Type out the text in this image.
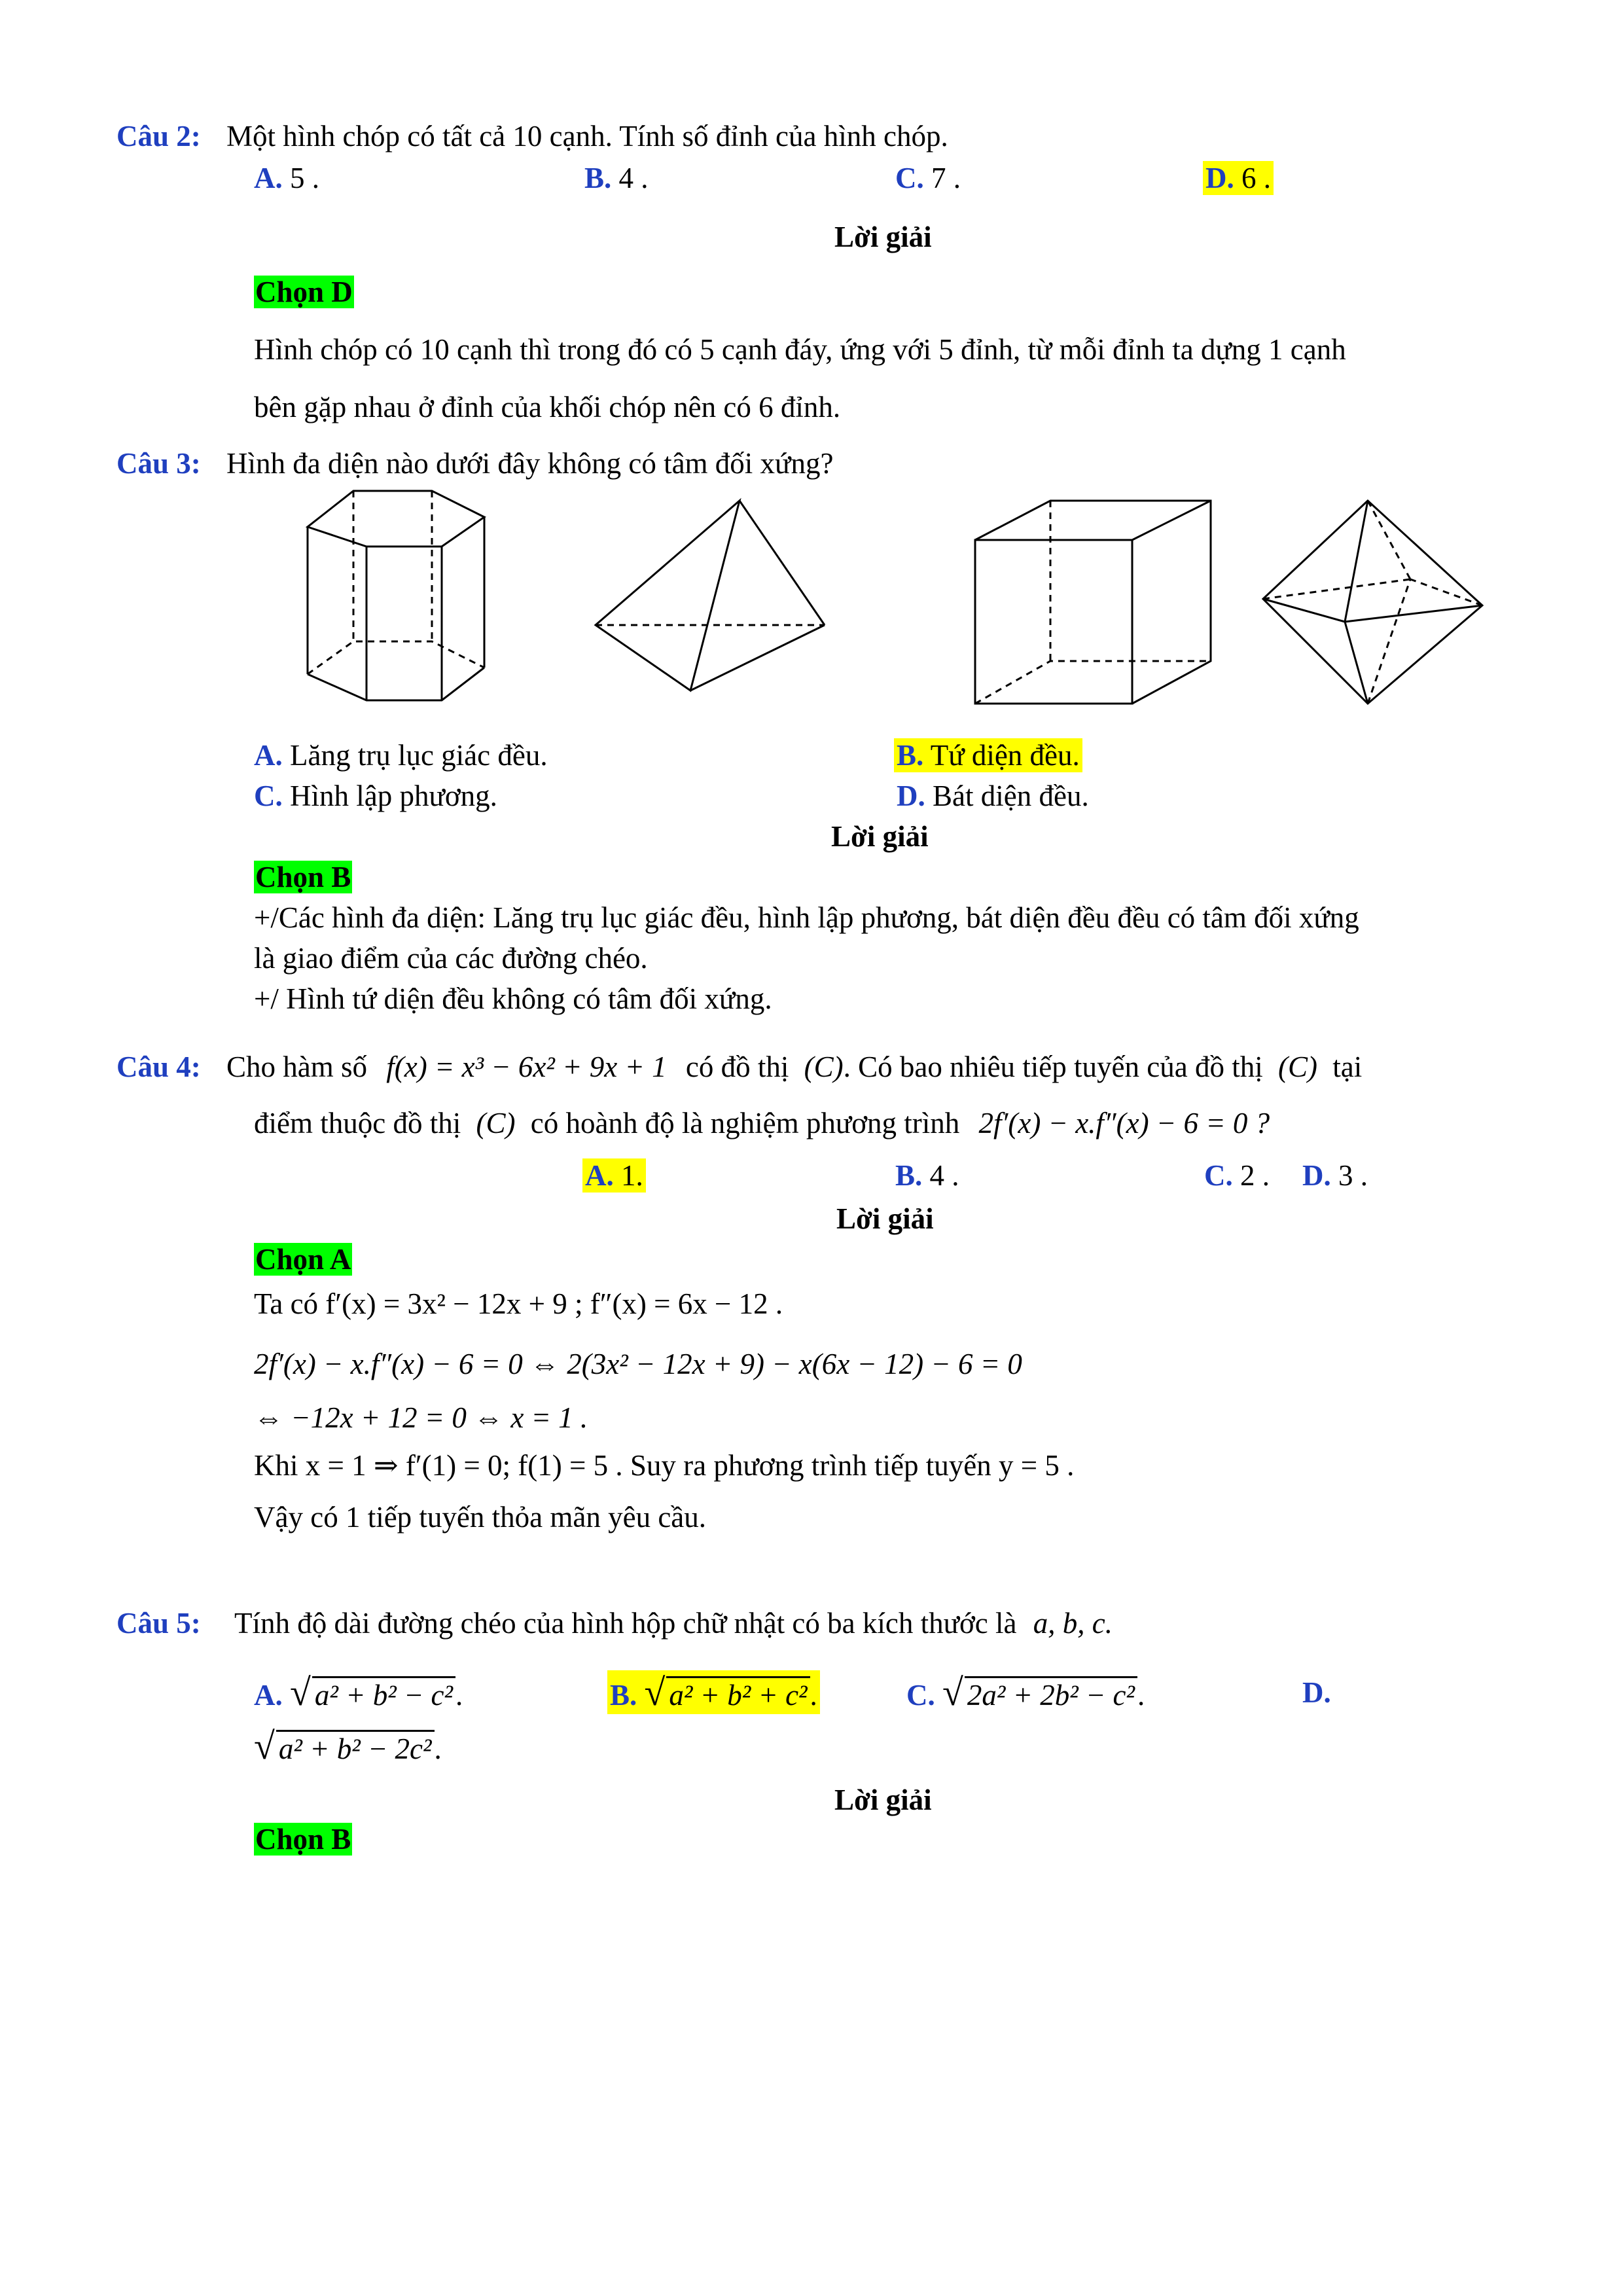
Câu 2: Một hình chóp có tất cả 10 cạnh. Tính số đỉnh của hình chóp.
A. 5 .	B. 4 .	C. 7 .	D. 6 .
Lời giải
Chọn D
Hình chóp có 10 cạnh thì trong đó có 5 cạnh đáy, ứng với 5 đỉnh, từ mỗi đỉnh ta dựng 1 cạnh
bên gặp nhau ở đỉnh của khối chóp nên có 6 đỉnh.
Câu 3: Hình đa diện nào dưới đây không có tâm đối xứng?
A. Lăng trụ lục giác đều.	B. Tứ diện đều.
C. Hình lập phương.	D. Bát diện đều.
Lời giải
Chọn B
+/Các hình đa diện: Lăng trụ lục giác đều, hình lập phương, bát diện đều đều có tâm đối xứng
là giao điểm của các đường chéo.
+/ Hình tứ diện đều không có tâm đối xứng.
Câu 4: Cho hàm số f(x) = x³ − 6x² + 9x + 1 có đồ thị (C). Có bao nhiêu tiếp tuyến của đồ thị (C) tại
điểm thuộc đồ thị (C) có hoành độ là nghiệm phương trình 2f′(x) − x.f″(x) − 6 = 0 ?
A. 1.	B. 4 .	C. 2 . D. 3 .
Lời giải
Chọn A
Ta có f′(x) = 3x² − 12x + 9 ; f″(x) = 6x − 12 .
2f′(x) − x.f″(x) − 6 = 0 ⇔ 2(3x² − 12x + 9) − x(6x − 12) − 6 = 0
⇔ −12x + 12 = 0 ⇔ x = 1 .
Khi x = 1 ⇒ f′(1) = 0; f(1) = 5 . Suy ra phương trình tiếp tuyến y = 5 .
Vậy có 1 tiếp tuyến thỏa mãn yêu cầu.
Câu 5: Tính độ dài đường chéo của hình hộp chữ nhật có ba kích thước là a, b, c.
A. √ a² + b² − c².	B. √ a² + b² + c².	C. √ 2a² + 2b² − c².	D.
√ a² + b² − 2c².
Lời giải
Chọn B
